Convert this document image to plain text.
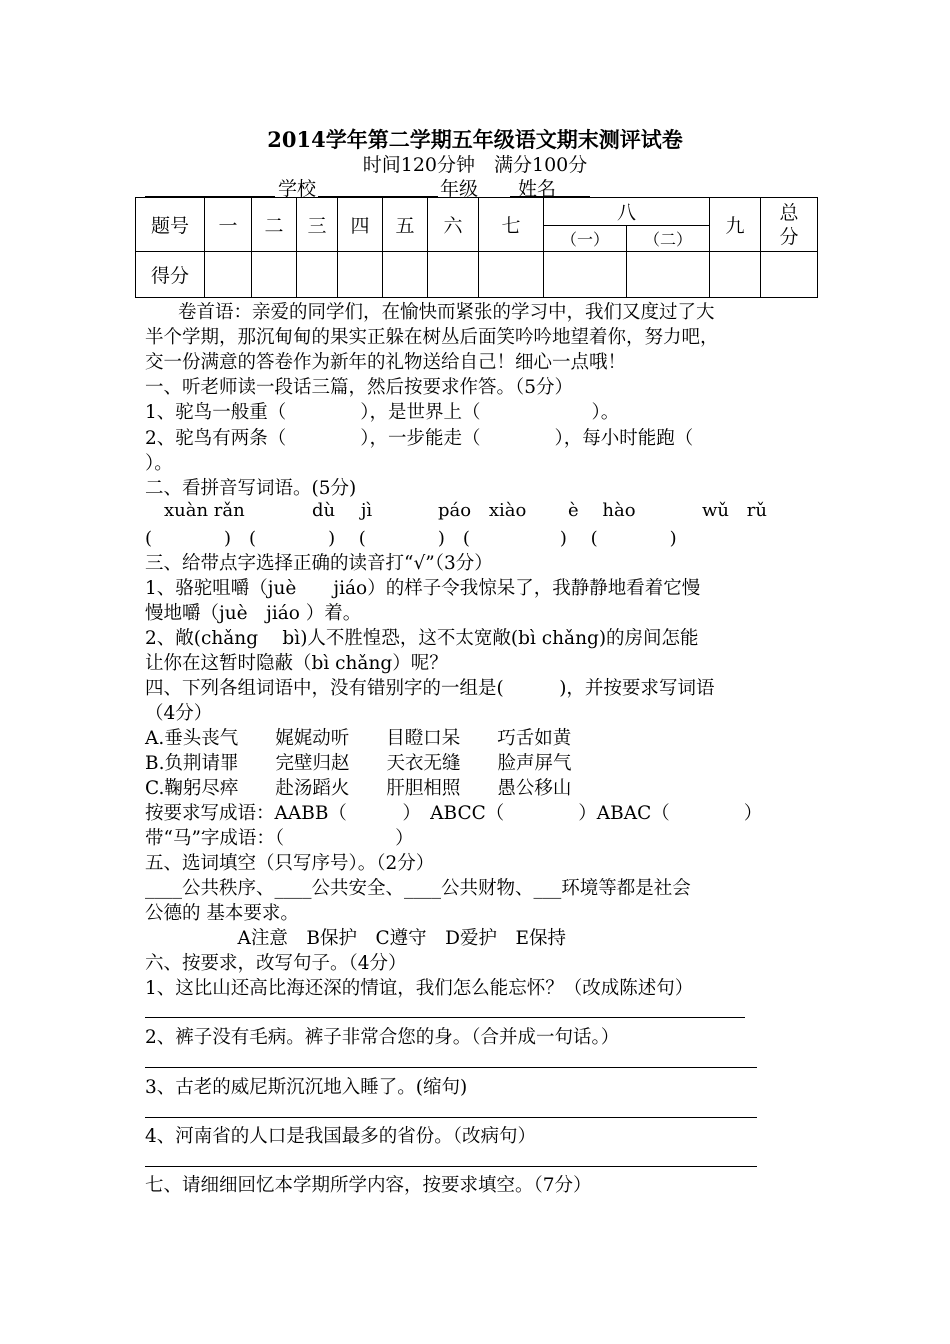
2014学年第二学期五年级语文期末测评试卷
时间120分钟　满分100分
学校	年级 姓名
题号	一	二	三	四	五	六	七	八		九	总分
								（一）	（二）		
得分											
卷首语：亲爱的同学们，在愉快而紧张的学习中，我们又度过了大
半个学期，那沉甸甸的果实正躲在树丛后面笑吟吟地望着你，努力吧，
交一份满意的答卷作为新年的礼物送给自己！细心一点哦！
一、听老师读一段话三篇，然后按要求作答。（5分）
1、驼鸟一般重（　　　　），是世界上（　　　　　　）。
2、驼鸟有两条（　　　　），一步能走（　　　　），每小时能跑（
）。
二、看拼音写词语。(5分)
xuàn rǎn	dù jì	páo xiào è hào	wǔ rǔ
(　　　　)　(　　　　)　 (　　　　)　(　　　　　)　 (　　　　)
三、给带点字选择正确的读音打“√”（3分）
1、骆驼咀嚼（juè　　jiáo）的样子令我惊呆了，我静静地看着它慢
慢地嚼（juè　jiáo ）着。
2、敞(chǎng　 bì)人不胜惶恐，这不太宽敞(bì chǎng)的房间怎能
让你在这暂时隐蔽（bì chǎng）呢？
四、下列各组词语中，没有错别字的一组是(　　　)，并按要求写词语
（4分）
A.垂头丧气　　娓娓动听　　目瞪口呆　　巧舌如黄
B.负荆请罪　　完壁归赵　　天衣无缝　　脸声屏气
C.鞠躬尽瘁　　赴汤蹈火　　肝胆相照　　愚公移山
按要求写成语：AABB（　　　）　ABCC（　　　　）ABAC（　　　　）
带“马”字成语：（　　　　　　）
五、选词填空（只写序号）。（2分）
____公共秩序、____公共安全、____公共财物、___环境等都是社会
公德的 基本要求。
　　　　　A注意　B保护　C遵守　D爱护　E保持
六、按要求，改写句子。（4分）
1、这比山还高比海还深的情谊，我们怎么能忘怀？（改成陈述句）
2、裤子没有毛病。裤子非常合您的身。（合并成一句话。）
3、古老的威尼斯沉沉地入睡了。(缩句)
4、河南省的人口是我国最多的省份。（改病句）
七、请细细回忆本学期所学内容，按要求填空。（7分）
